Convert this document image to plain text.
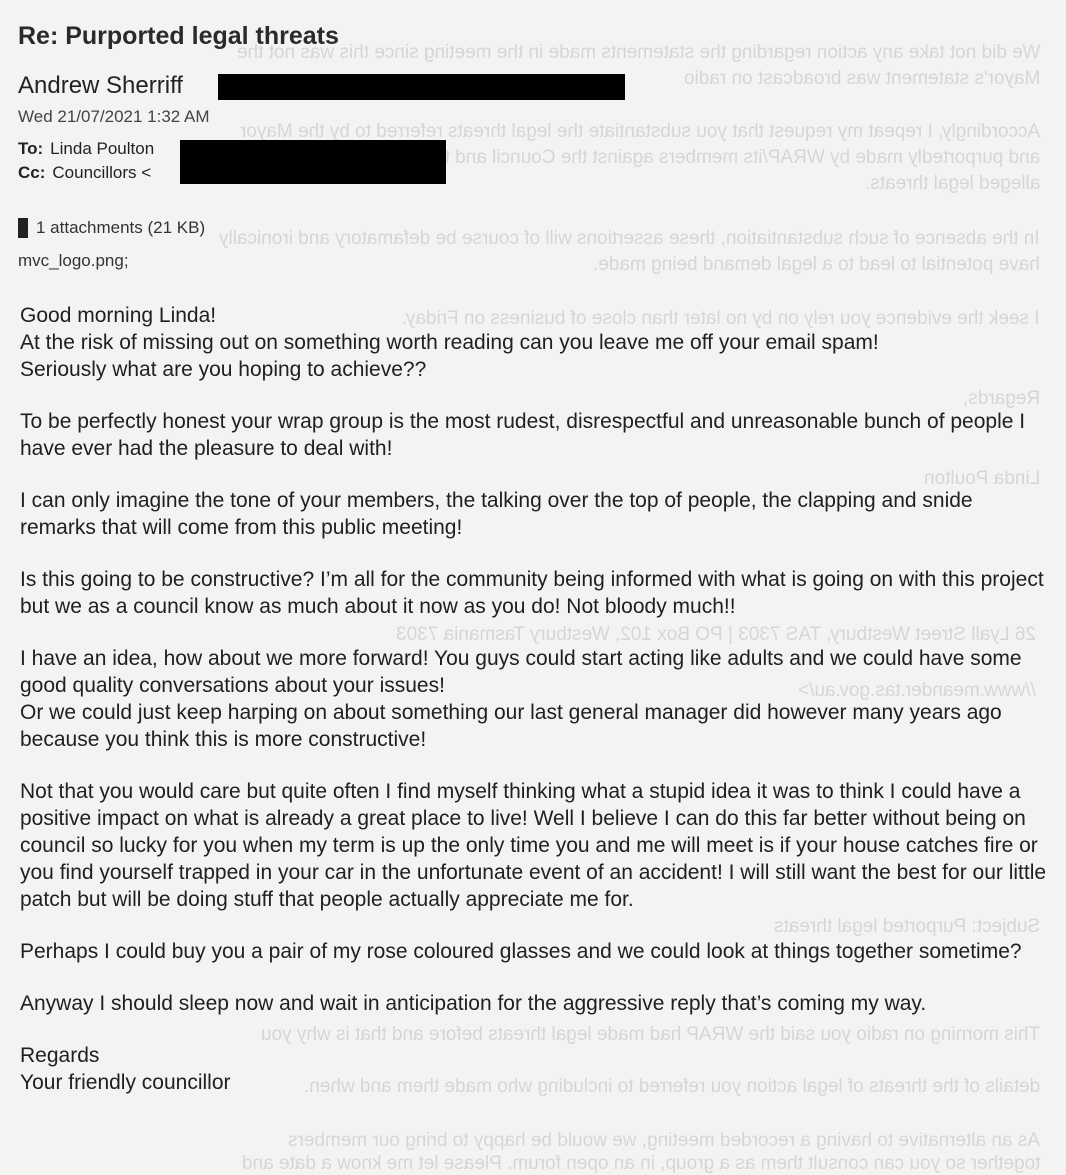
We did not take any action regarding the statements made in the meeting since this was not the
Mayor's statement was broadcast on radio
Accordingly, I repeat my request that you substantiate the legal threats referred to by the Mayor
and purportedly made by WRAP/its members against the Council and the Councillors for these
alleged legal threats.
In the absence of such substantiation, these assertions will of course be defamatory and ironically
have potential to lead to a legal demand being made.
I seek the evidence you rely on by no later than close of business on Friday.
Regards,
Linda Poulton
26 Lyall Street Westbury, TAS 7303 | PO Box 102, Westbury Tasmania 7303
//www.meander.tas.gov.au/>
Subject: Purported legal threats
This morning on radio you said the WRAP had made legal threats before and that is why you
details of the threats of legal action you referred to including who made them and when.
As an alternative to having a recorded meeting, we would be happy to bring our members
together so you can consult them as a group, in an open forum. Please let me know a date and
Re: Purported legal threats
Andrew Sherriff
Wed 21/07/2021 1:32 AM
To: Linda Poulton
Cc: Councillors <
1 attachments (21 KB)
mvc_logo.png;

Good morning Linda!
At the risk of missing out on something worth reading can you leave me off your email spam!
Seriously what are you hoping to achieve??

To be perfectly honest your wrap group is the most rudest, disrespectful and unreasonable bunch of people I have ever had the pleasure to deal with!

I can only imagine the tone of your members, the talking over the top of people, the clapping and snide remarks that will come from this public meeting!

Is this going to be constructive? I’m all for the community being informed with what is going on with this project but we as a council know as much about it now as you do! Not bloody much!!

I have an idea, how about we more forward! You guys could start acting like adults and we could have some good quality conversations about your issues!
Or we could just keep harping on about something our last general manager did however many years ago because you think this is more constructive!

Not that you would care but quite often I find myself thinking what a stupid idea it was to think I could have a positive impact on what is already a great place to live! Well I believe I can do this far better without being on council so lucky for you when my term is up the only time you and me will meet is if your house catches fire or you find yourself trapped in your car in the unfortunate event of an accident! I will still want the best for our little patch but will be doing stuff that people actually appreciate me for.

Perhaps I could buy you a pair of my rose coloured glasses and we could look at things together sometime?

Anyway I should sleep now and wait in anticipation for the aggressive reply that’s coming my way.

Regards
Your friendly councillor
